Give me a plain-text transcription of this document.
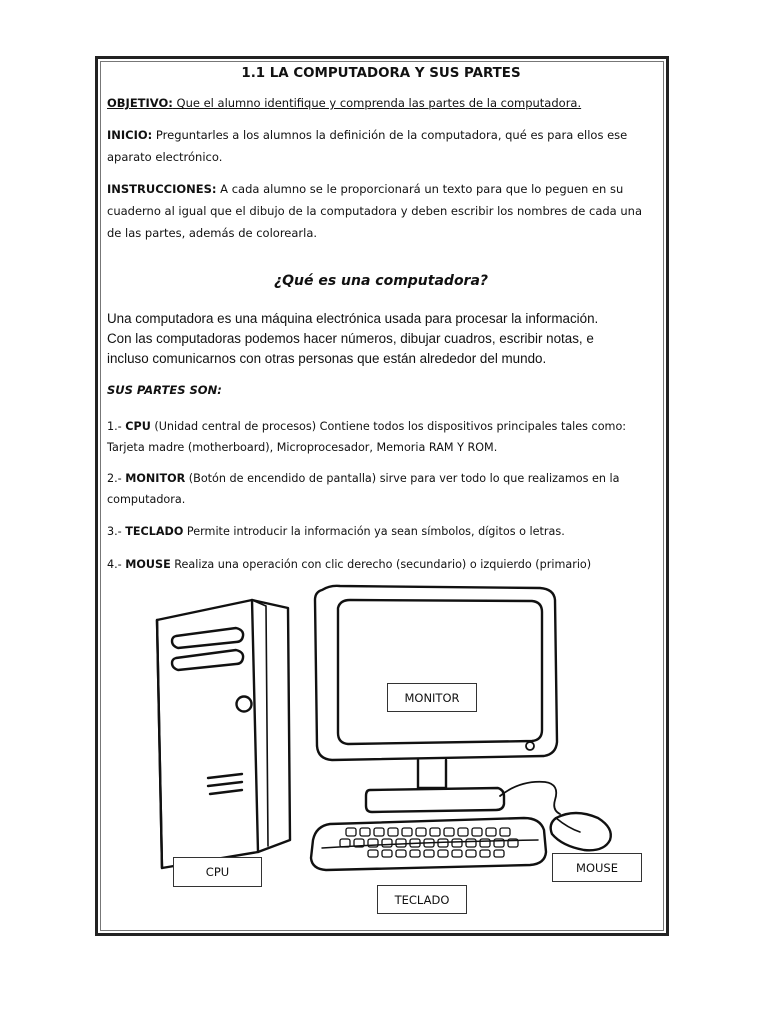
1.1 LA COMPUTADORA Y SUS PARTES

OBJETIVO: Que el alumno identifique y comprenda las partes de la computadora.

INICIO: Preguntarles a los alumnos la definición de la computadora, qué es para ellos ese aparato electrónico.

INSTRUCCIONES: A cada alumno se le proporcionará un texto para que lo peguen en su cuaderno al igual que el dibujo de la computadora y deben escribir los nombres de cada una de las partes, además de colorearla.

¿Qué es una computadora?
Una computadora es una máquina electrónica usada para procesar la información.
Con las computadoras podemos hacer números, dibujar cuadros, escribir notas, e
incluso comunicarnos con otras personas que están alrededor del mundo.

SUS PARTES SON:

1.- CPU (Unidad central de procesos) Contiene todos los dispositivos principales tales como: Tarjeta madre (motherboard), Microprocesador, Memoria RAM Y ROM.

2.- MONITOR (Botón de encendido de pantalla) sirve para ver todo lo que realizamos en la computadora.

3.- TECLADO Permite introducir la información ya sean símbolos, dígitos o letras.

4.- MOUSE Realiza una operación con clic derecho (secundario) o izquierdo (primario)

MONITOR
CPU	MOUSE
TECLADO
